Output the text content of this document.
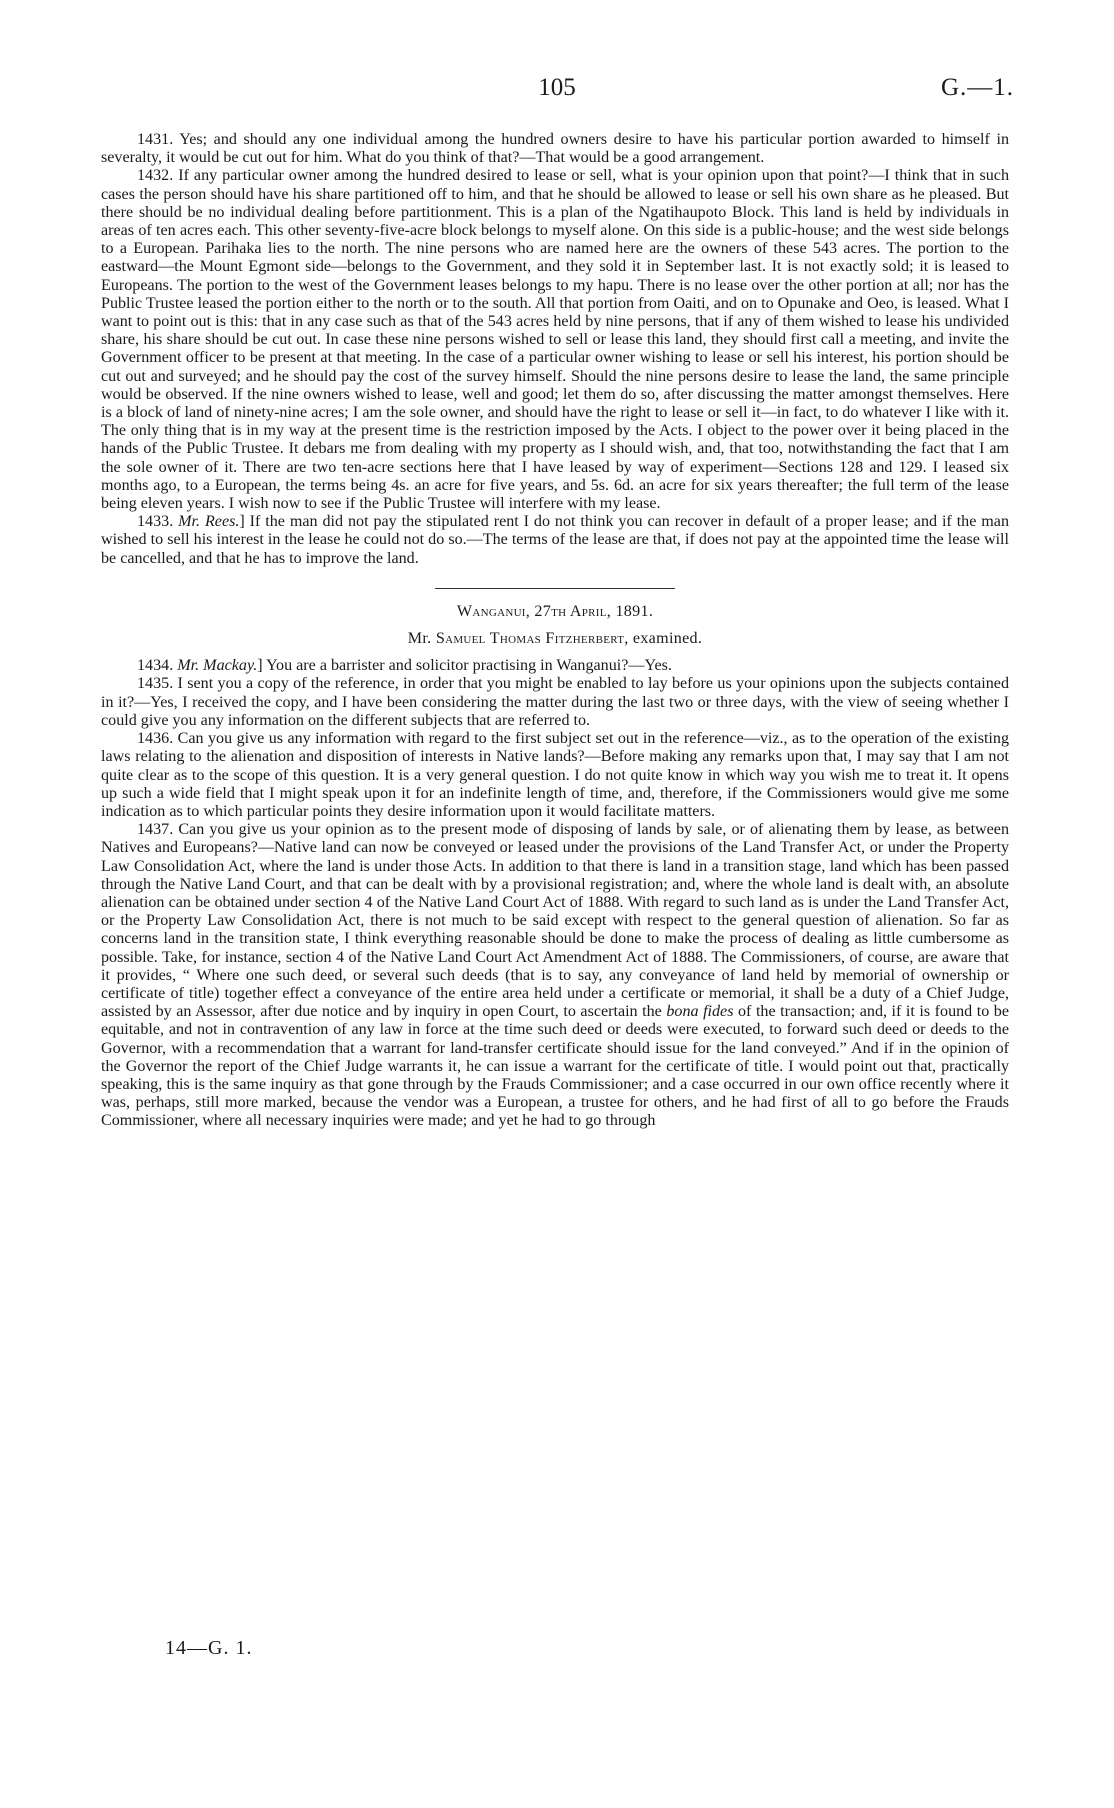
105	G.—1.

1431. Yes; and should any one individual among the hundred owners desire to have his particular portion awarded to himself in severalty, it would be cut out for him. What do you think of that?—That would be a good arrangement.

1432. If any particular owner among the hundred desired to lease or sell, what is your opinion upon that point?—I think that in such cases the person should have his share partitioned off to him, and that he should be allowed to lease or sell his own share as he pleased. But there should be no individual dealing before partitionment. This is a plan of the Ngatihaupoto Block. This land is held by individuals in areas of ten acres each. This other seventy-five-acre block belongs to myself alone. On this side is a public-house; and the west side belongs to a European. Parihaka lies to the north. The nine persons who are named here are the owners of these 543 acres. The portion to the eastward—the Mount Egmont side—belongs to the Government, and they sold it in September last. It is not exactly sold; it is leased to Europeans. The portion to the west of the Government leases belongs to my hapu. There is no lease over the other portion at all; nor has the Public Trustee leased the portion either to the north or to the south. All that portion from Oaiti, and on to Opunake and Oeo, is leased. What I want to point out is this: that in any case such as that of the 543 acres held by nine persons, that if any of them wished to lease his undivided share, his share should be cut out. In case these nine persons wished to sell or lease this land, they should first call a meeting, and invite the Government officer to be present at that meeting. In the case of a particular owner wishing to lease or sell his interest, his portion should be cut out and surveyed; and he should pay the cost of the survey himself. Should the nine persons desire to lease the land, the same principle would be observed. If the nine owners wished to lease, well and good; let them do so, after discussing the matter amongst themselves. Here is a block of land of ninety-nine acres; I am the sole owner, and should have the right to lease or sell it—in fact, to do whatever I like with it. The only thing that is in my way at the present time is the restriction imposed by the Acts. I object to the power over it being placed in the hands of the Public Trustee. It debars me from dealing with my property as I should wish, and, that too, notwithstanding the fact that I am the sole owner of it. There are two ten-acre sections here that I have leased by way of experiment—Sections 128 and 129. I leased six months ago, to a European, the terms being 4s. an acre for five years, and 5s. 6d. an acre for six years thereafter; the full term of the lease being eleven years. I wish now to see if the Public Trustee will interfere with my lease.

1433. Mr. Rees.] If the man did not pay the stipulated rent I do not think you can recover in default of a proper lease; and if the man wished to sell his interest in the lease he could not do so.—The terms of the lease are that, if does not pay at the appointed time the lease will be cancelled, and that he has to improve the land.

Wanganui, 27th April, 1891.
Mr. Samuel Thomas Fitzherbert, examined.

1434. Mr. Mackay.] You are a barrister and solicitor practising in Wanganui?—Yes.

1435. I sent you a copy of the reference, in order that you might be enabled to lay before us your opinions upon the subjects contained in it?—Yes, I received the copy, and I have been considering the matter during the last two or three days, with the view of seeing whether I could give you any information on the different subjects that are referred to.

1436. Can you give us any information with regard to the first subject set out in the reference—viz., as to the operation of the existing laws relating to the alienation and disposition of interests in Native lands?—Before making any remarks upon that, I may say that I am not quite clear as to the scope of this question. It is a very general question. I do not quite know in which way you wish me to treat it. It opens up such a wide field that I might speak upon it for an indefinite length of time, and, therefore, if the Commissioners would give me some indication as to which particular points they desire information upon it would facilitate matters.

1437. Can you give us your opinion as to the present mode of disposing of lands by sale, or of alienating them by lease, as between Natives and Europeans?—Native land can now be conveyed or leased under the provisions of the Land Transfer Act, or under the Property Law Consolidation Act, where the land is under those Acts. In addition to that there is land in a transition stage, land which has been passed through the Native Land Court, and that can be dealt with by a provisional registration; and, where the whole land is dealt with, an absolute alienation can be obtained under section 4 of the Native Land Court Act of 1888. With regard to such land as is under the Land Transfer Act, or the Property Law Consolidation Act, there is not much to be said except with respect to the general question of alienation. So far as concerns land in the transition state, I think everything reasonable should be done to make the process of dealing as little cumbersome as possible. Take, for instance, section 4 of the Native Land Court Act Amendment Act of 1888. The Commissioners, of course, are aware that it provides, “ Where one such deed, or several such deeds (that is to say, any conveyance of land held by memorial of ownership or certificate of title) together effect a conveyance of the entire area held under a certificate or memorial, it shall be a duty of a Chief Judge, assisted by an Assessor, after due notice and by inquiry in open Court, to ascertain the bona fides of the transaction; and, if it is found to be equitable, and not in contravention of any law in force at the time such deed or deeds were executed, to forward such deed or deeds to the Governor, with a recommendation that a warrant for land-transfer certificate should issue for the land conveyed.” And if in the opinion of the Governor the report of the Chief Judge warrants it, he can issue a warrant for the certificate of title. I would point out that, practically speaking, this is the same inquiry as that gone through by the Frauds Commissioner; and a case occurred in our own office recently where it was, perhaps, still more marked, because the vendor was a European, a trustee for others, and he had first of all to go before the Frauds Commissioner, where all necessary inquiries were made; and yet he had to go through

14—G. 1.
